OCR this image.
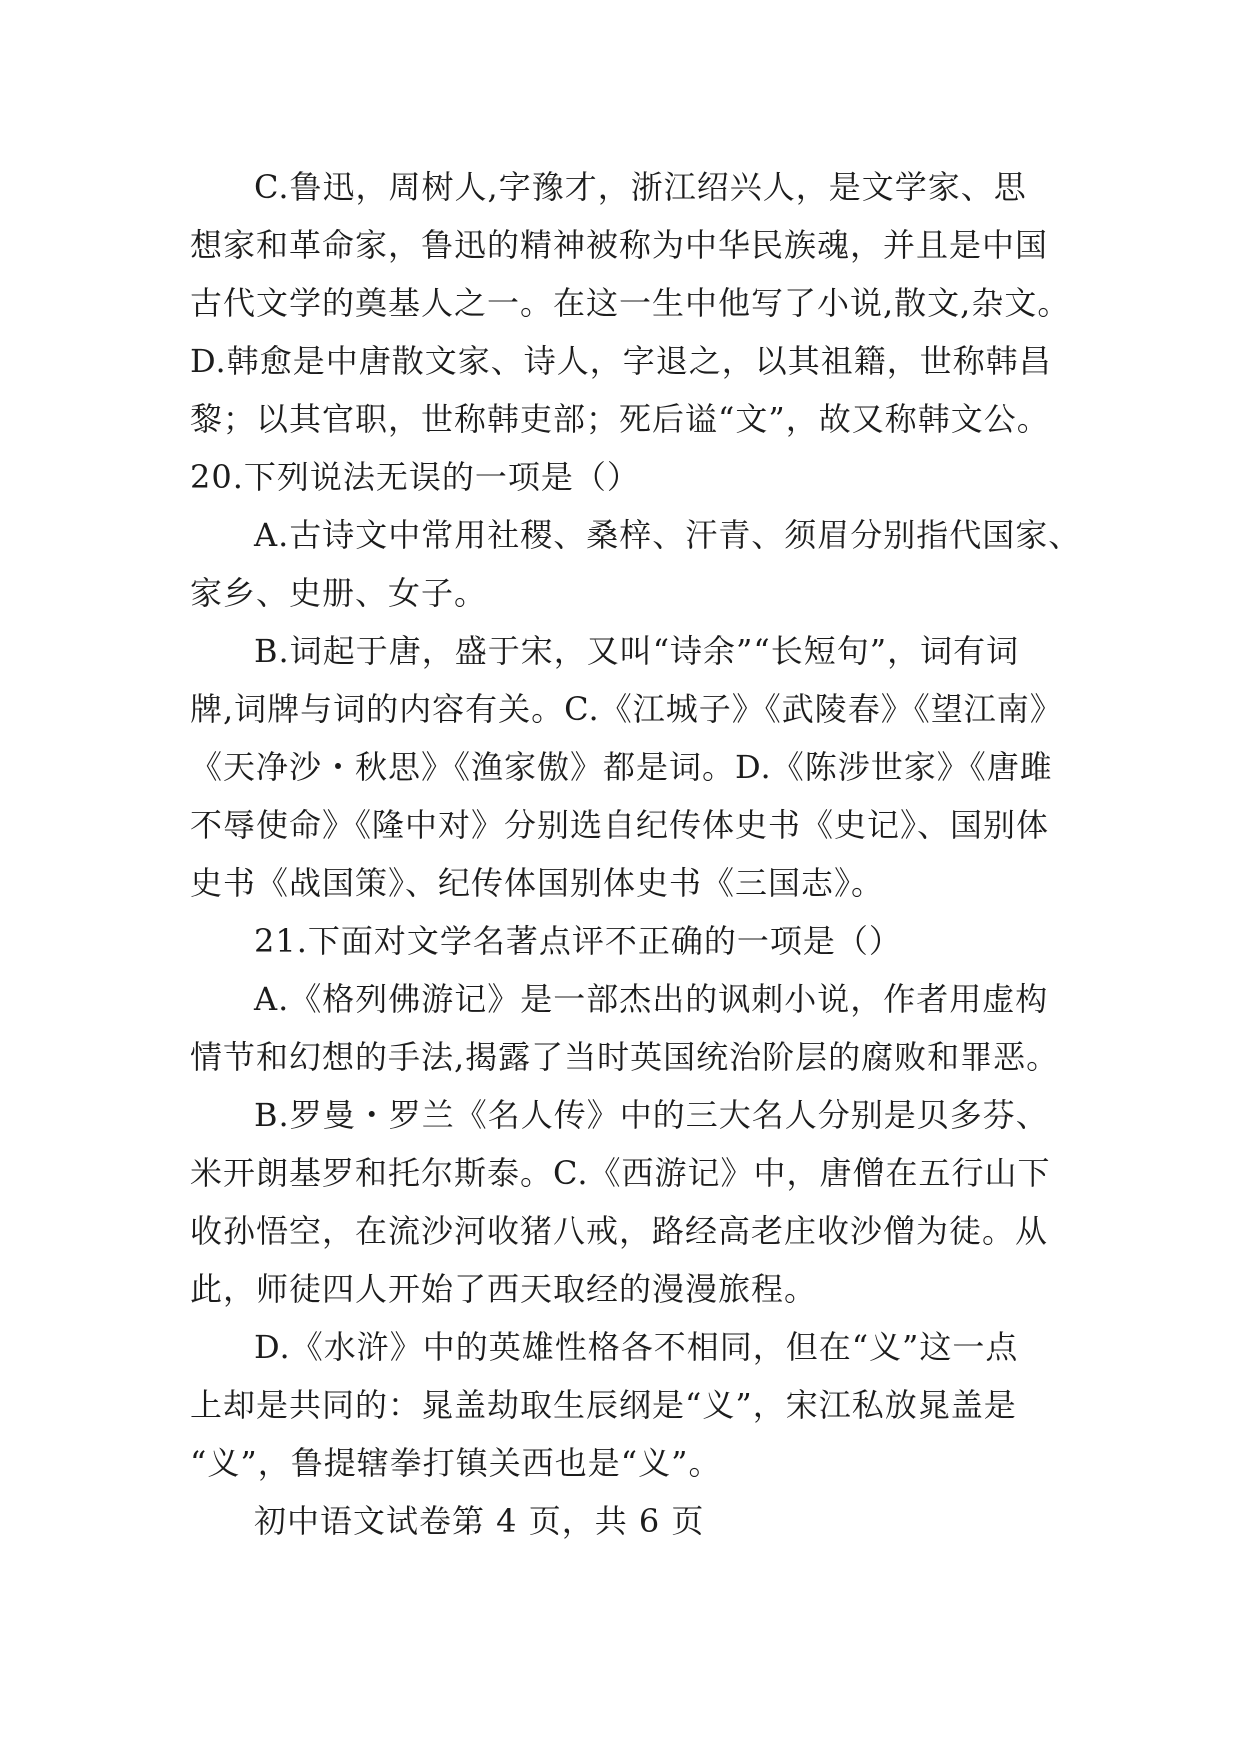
C.鲁迅，周树人,字豫才，浙江绍兴人，是文学家、思
想家和革命家，鲁迅的精神被称为中华民族魂，并且是中国
古代文学的奠基人之一。在这一生中他写了小说,散文,杂文。
D.韩愈是中唐散文家、诗人，字退之，以其祖籍，世称韩昌
黎；以其官职，世称韩吏部；死后谥“文”，故又称韩文公。
20.下列说法无误的一项是（）
A.古诗文中常用社稷、桑梓、汗青、须眉分别指代国家、
家乡、史册、女子。
B.词起于唐，盛于宋，又叫“诗余”“长短句”，词有词
牌,词牌与词的内容有关。C.《江城子》《武陵春》《望江南》
《天净沙・秋思》《渔家傲》都是词。D.《陈涉世家》《唐雎
不辱使命》《隆中对》分别选自纪传体史书《史记》、国别体
史书《战国策》、纪传体国别体史书《三国志》。
21.下面对文学名著点评不正确的一项是（）
A.《格列佛游记》是一部杰出的讽刺小说，作者用虚构
情节和幻想的手法,揭露了当时英国统治阶层的腐败和罪恶。
B.罗曼・罗兰《名人传》中的三大名人分别是贝多芬、
米开朗基罗和托尔斯泰。C.《西游记》中，唐僧在五行山下
收孙悟空，在流沙河收猪八戒，路经高老庄收沙僧为徒。从
此，师徒四人开始了西天取经的漫漫旅程。
D.《水浒》中的英雄性格各不相同，但在“义”这一点
上却是共同的：晁盖劫取生辰纲是“义”，宋江私放晁盖是
“义”，鲁提辖拳打镇关西也是“义”。
初中语文试卷第 4 页，共 6 页
